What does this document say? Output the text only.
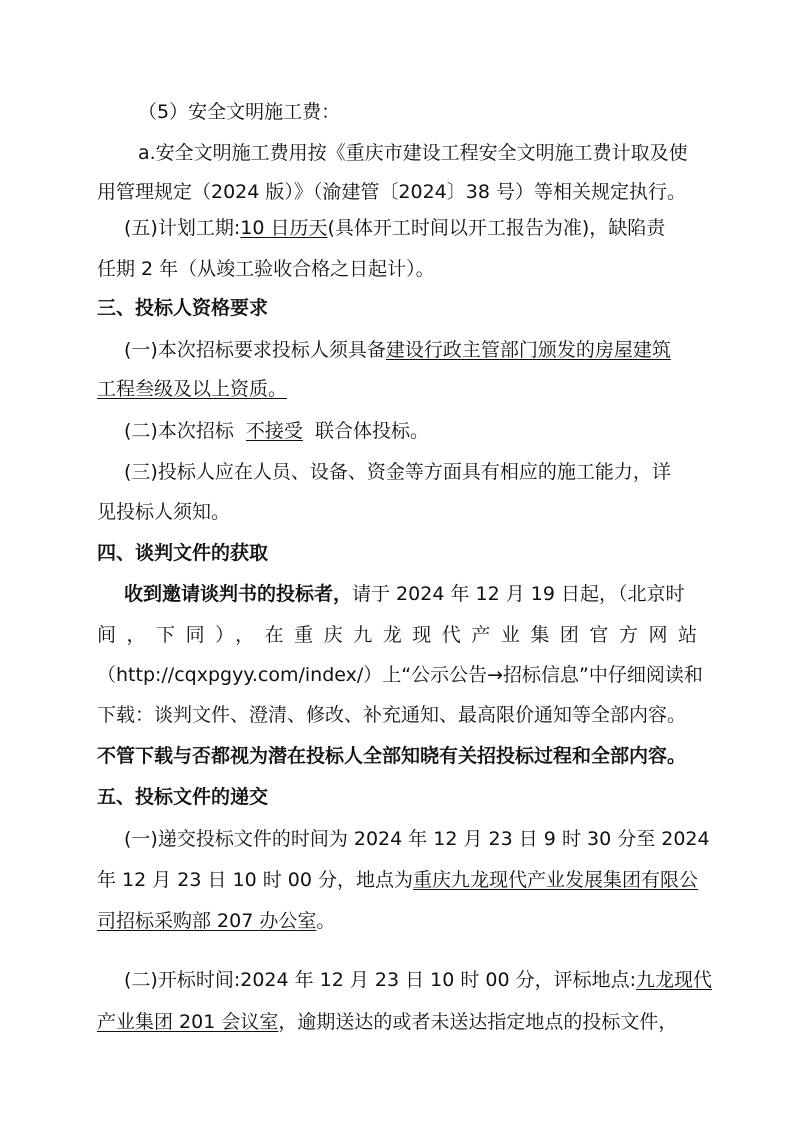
（5）安全文明施工费：
a.安全文明施工费用按《重庆市建设工程安全文明施工费计取及使
用管理规定（2024 版）》（渝建管〔2024〕38 号）等相关规定执行。
(五)计划工期:10 日历天(具体开工时间以开工报告为准)，缺陷责
任期 2 年（从竣工验收合格之日起计）。
三、投标人资格要求
(一)本次招标要求投标人须具备建设行政主管部门颁发的房屋建筑
工程叁级及以上资质。
(二)本次招标 不接受 联合体投标。
(三)投标人应在人员、设备、资金等方面具有相应的施工能力，详
见投标人须知。
四、谈判文件的获取
收到邀请谈判书的投标者，请于 2024 年 12 月 19 日起，（北京时
间，下同），在重庆九龙现代产业集团官方网站
（http://cqxpgyy.com/index/）上“公示公告→招标信息”中仔细阅读和
下载：谈判文件、澄清、修改、补充通知、最高限价通知等全部内容。
不管下载与否都视为潜在投标人全部知晓有关招投标过程和全部内容。
五、投标文件的递交
(一)递交投标文件的时间为 2024 年 12 月 23 日 9 时 30 分至 2024
年 12 月 23 日 10 时 00 分，地点为重庆九龙现代产业发展集团有限公
司招标采购部 207 办公室。
(二)开标时间:2024 年 12 月 23 日 10 时 00 分，评标地点:九龙现代
产业集团 201 会议室，逾期送达的或者未送达指定地点的投标文件，
